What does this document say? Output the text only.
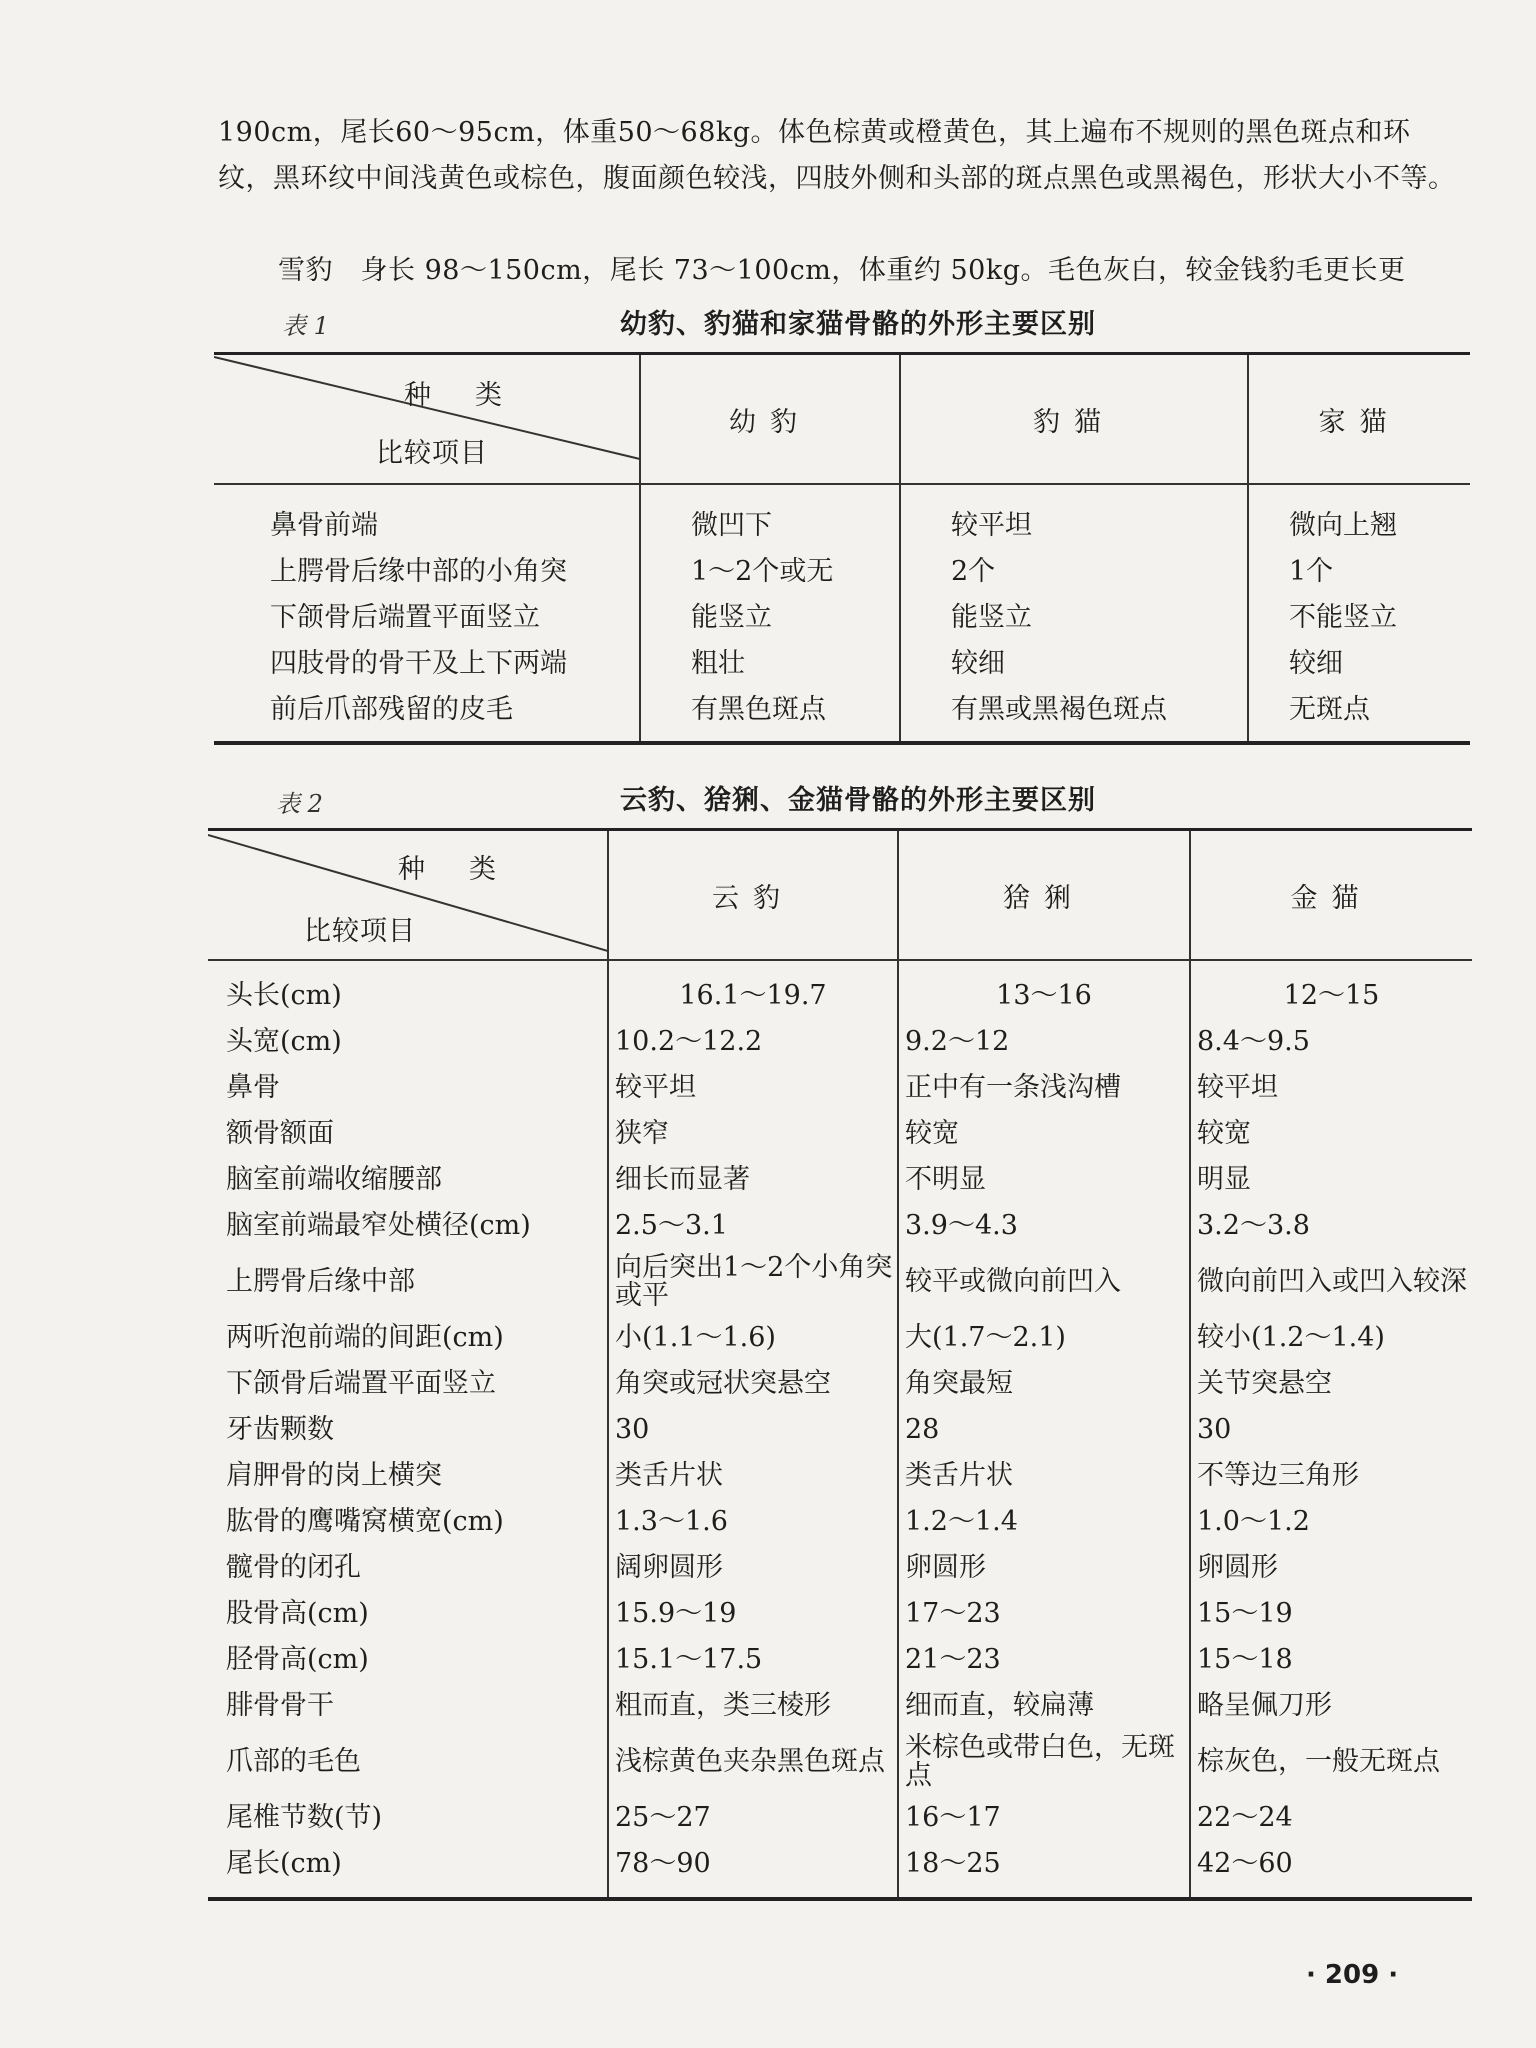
190cm，尾长60～95cm，体重50～68kg。体色棕黄或橙黄色，其上遍布不规则的黑色斑点和环纹，黑环纹中间浅黄色或棕色，腹面颜色较浅，四肢外侧和头部的斑点黑色或黑褐色，形状大小不等。
雪豹　身长 98～150cm，尾长 73～100cm，体重约 50kg。毛色灰白，较金钱豹毛更长更
表 1	幼豹、豹猫和家猫骨骼的外形主要区别
种类
比较项目	幼豹	豹猫	家猫
鼻骨前端	微凹下	较平坦	微向上翘
上腭骨后缘中部的小角突	1～2个或无	2个	1个
下颌骨后端置平面竖立	能竖立	能竖立	不能竖立
四肢骨的骨干及上下两端	粗壮	较细	较细
前后爪部残留的皮毛	有黑色斑点	有黑或黑褐色斑点	无斑点
表 2	云豹、猞猁、金猫骨骼的外形主要区别
种类
比较项目	云豹	猞猁	金猫
头长(cm)	16.1～19.7	13～16	12～15
头宽(cm)	10.2～12.2	9.2～12	8.4～9.5
鼻骨	较平坦	正中有一条浅沟槽	较平坦
额骨额面	狭窄	较宽	较宽
脑室前端收缩腰部	细长而显著	不明显	明显
脑室前端最窄处横径(cm)	2.5～3.1	3.9～4.3	3.2～3.8
上腭骨后缘中部	向后突出1～2个小角突或平	较平或微向前凹入	微向前凹入或凹入较深
两听泡前端的间距(cm)	小(1.1～1.6)	大(1.7～2.1)	较小(1.2～1.4)
下颌骨后端置平面竖立	角突或冠状突悬空	角突最短	关节突悬空
牙齿颗数	30	28	30
肩胛骨的岗上横突	类舌片状	类舌片状	不等边三角形
肱骨的鹰嘴窝横宽(cm)	1.3～1.6	1.2～1.4	1.0～1.2
髋骨的闭孔	阔卵圆形	卵圆形	卵圆形
股骨高(cm)	15.9～19	17～23	15～19
胫骨高(cm)	15.1～17.5	21～23	15～18
腓骨骨干	粗而直，类三棱形	细而直，较扁薄	略呈佩刀形
爪部的毛色	浅棕黄色夹杂黑色斑点	米棕色或带白色，无斑点	棕灰色，一般无斑点
尾椎节数(节)	25～27	16～17	22～24
尾长(cm)	78～90	18～25	42～60
· 209 ·
